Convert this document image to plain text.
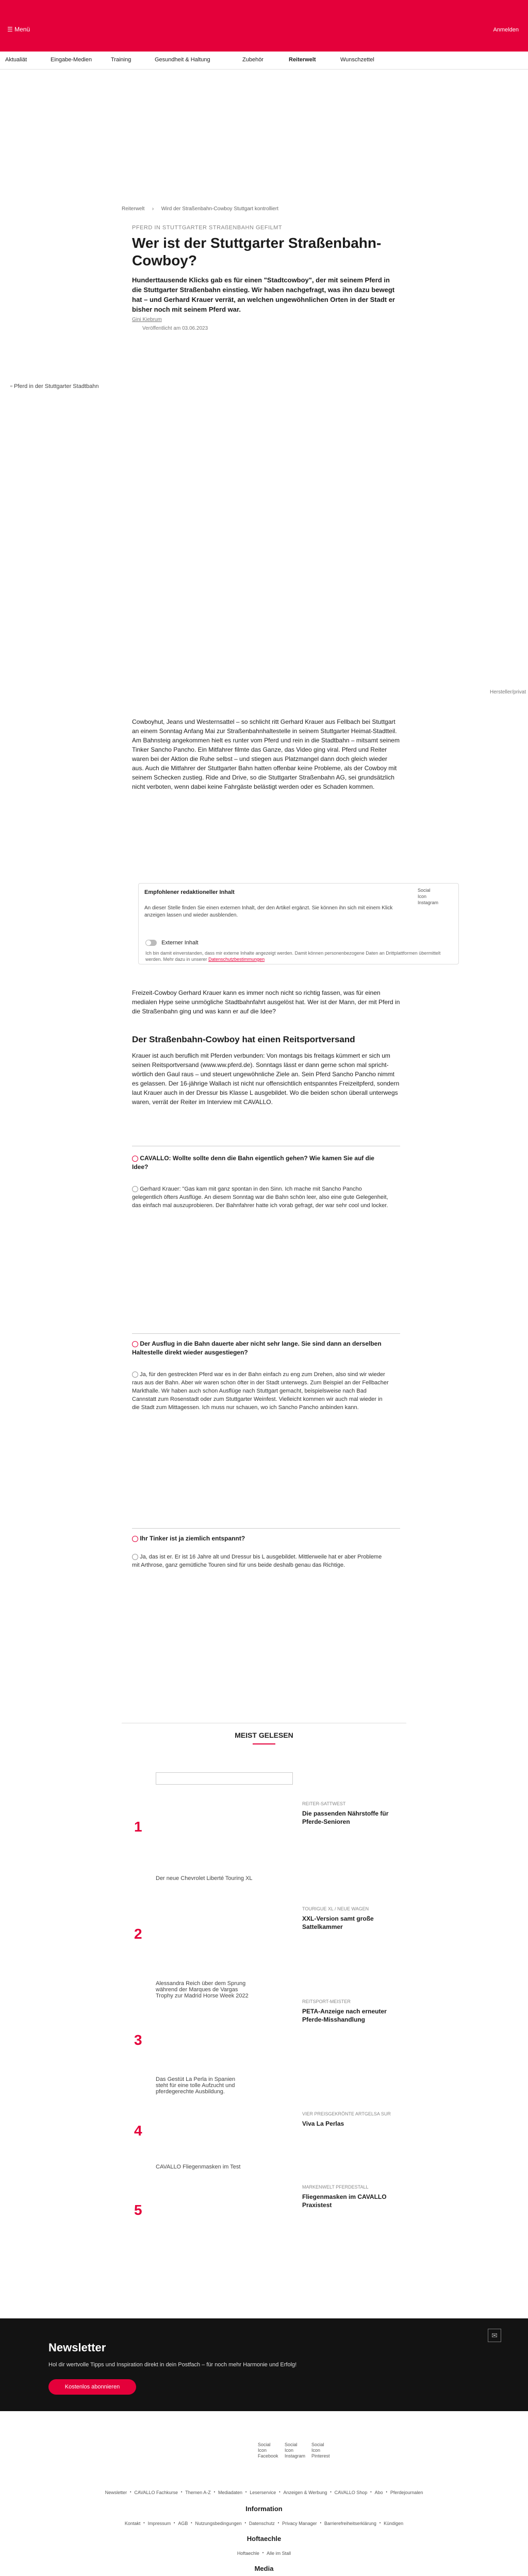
☰ Menü	Anmelden
Aktualiät	Eingabe-Medien	Training	Gesundheit & Haltung	Zubehör	Reiterwelt	Wunschzettel
Reiterwelt › Wird der Straßenbahn-Cowboy Stuttgart kontrolliert
PFERD IN STUTTGARTER STRAßENBAHN GEFILMT
Wer ist der Stuttgarter Straßenbahn-Cowboy?
Hunderttausende Klicks gab es für einen "Stadtcowboy", der mit seinem Pferd in die Stuttgarter Straßenbahn einstieg. Wir haben nachgefragt, was ihn dazu bewegt hat – und Gerhard Krauer verrät, an welchen ungewöhnlichen Orten in der Stadt er bisher noch mit seinem Pferd war.
Gini Kiebrum
Veröffentlicht am 03.06.2023
▫ Pferd in der Stuttgarter Stadtbahn
Hersteller/privat
Cowboyhut, Jeans und Westernsattel – so schlicht ritt Gerhard Krauer aus Fellbach bei Stuttgart an einem Sonntag Anfang Mai zur Straßenbahnhaltestelle in seinem Stuttgarter Heimat-Stadtteil. Am Bahnsteig angekommen hielt es runter vom Pferd und rein in die Stadtbahn – mitsamt seinem Tinker Sancho Pancho. Ein Mitfahrer filmte das Ganze, das Video ging viral. Pferd und Reiter waren bei der Aktion die Ruhe selbst – und stiegen aus Platzmangel dann doch gleich wieder aus. Auch die Mitfahrer der Stuttgarter Bahn hatten offenbar keine Probleme, als der Cowboy mit seinem Schecken zustieg. Ride and Drive, so die Stuttgarter Straßenbahn AG, sei grundsätzlich nicht verboten, wenn dabei keine Fahrgäste belästigt werden oder es Schaden kommen.
Empfohlener redaktioneller Inhalt
An dieser Stelle finden Sie einen externen Inhalt, der den Artikel ergänzt. Sie können ihn sich mit einem Klick anzeigen lassen und wieder ausblenden.
Social Icon Instagram
Externer Inhalt
Ich bin damit einverstanden, dass mir externe Inhalte angezeigt werden. Damit können personenbezogene Daten an Drittplattformen übermittelt werden. Mehr dazu in unserer Datenschutzbestimmungen
Freizeit-Cowboy Gerhard Krauer kann es immer noch nicht so richtig fassen, was für einen medialen Hype seine unmögliche Stadtbahnfahrt ausgelöst hat. Wer ist der Mann, der mit Pferd in die Straßenbahn ging und was kann er auf die Idee?
Der Straßenbahn-Cowboy hat einen Reitsportversand
Krauer ist auch beruflich mit Pferden verbunden: Von montags bis freitags kümmert er sich um seinen Reitsportversand (www.ww.pferd.de). Sonntags lässt er dann gerne schon mal spricht-wörtlich den Gaul raus – und steuert ungewöhnliche Ziele an. Sein Pferd Sancho Pancho nimmt es gelassen. Der 16-jährige Wallach ist nicht nur offensichtlich entspanntes Freizeitpferd, sondern laut Krauer auch in der Dressur bis Klasse L ausgebildet. Wo die beiden schon überall unterwegs waren, verrät der Reiter im Interview mit CAVALLO.
CAVALLO: Wollte sollte denn die Bahn eigentlich gehen? Wie kamen Sie auf die Idee?
Gerhard Krauer: "Gas kam mit ganz spontan in den Sinn. Ich mache mit Sancho Pancho gelegentlich öfters Ausflüge. An diesem Sonntag war die Bahn schön leer, also eine gute Gelegenheit, das einfach mal auszuprobieren. Der Bahnfahrer hatte ich vorab gefragt, der war sehr cool und locker.
Der Ausflug in die Bahn dauerte aber nicht sehr lange. Sie sind dann an derselben Haltestelle direkt wieder ausgestiegen?
Ja, für den gestreckten Pferd war es in der Bahn einfach zu eng zum Drehen, also sind wir wieder raus aus der Bahn. Aber wir waren schon öfter in der Stadt unterwegs. Zum Beispiel an der Fellbacher Markthalle. Wir haben auch schon Ausflüge nach Stuttgart gemacht, beispielsweise nach Bad Cannstatt zum Rosenstadt oder zum Stuttgarter Weinfest. Vielleicht kommen wir auch mal wieder in die Stadt zum Mittagessen. Ich muss nur schauen, wo ich Sancho Pancho anbinden kann.
Ihr Tinker ist ja ziemlich entspannt?
Ja, das ist er. Er ist 16 Jahre alt und Dressur bis L ausgebildet. Mittlerweile hat er aber Probleme mit Arthrose, ganz gemütliche Touren sind für uns beide deshalb genau das Richtige.
MEIST GELESEN
1
REITER-SATTWEST
Die passenden Nährstoffe für Pferde-Senioren
2
Der neue Chevrolet Liberté Touring XL
TOURIGUE XL / NEUE WAGEN
XXL-Version samt große Sattelkammer
3
Alessandra Reich über dem Sprung während der Marques de Vargas Trophy zur Madrid Horse Week 2022
REITSPORT-MEISTER
PETA-Anzeige nach erneuter Pferde-Misshandlung
4
Das Gestüt La Perla in Spanien steht für eine tolle Aufzucht und pferdegerechte Ausbildung.
VIER PREISGEKRÖNTE ARTGELSA SUR
Viva La Perlas
5
CAVALLO Fliegenmasken im Test
MARKENWELT PFERDESTALL
Fliegenmasken im CAVALLO Praxistest
Newsletter
Hol dir wertvolle Tipps und Inspiration direkt in dein Postfach – für noch mehr Harmonie und Erfolg!
Kostenlos abonnieren
✉
Social Icon Facebook
Social Icon Instagram
Social Icon Pinterest
Newsletter · CAVALLO Fachkurse · Themen A-Z · Mediadaten · Leserservice · Anzeigen & Werbung · CAVALLO Shop · Abo · Pferdejournalen
Information
Kontakt · Impressum · AGB · Nutzungsbedingungen · Datenschutz · Privacy Manager · Barrierefreiheitserklärung · Kündigen
Hoftaechle
Hoftaechle · Alle im Stall
Media
